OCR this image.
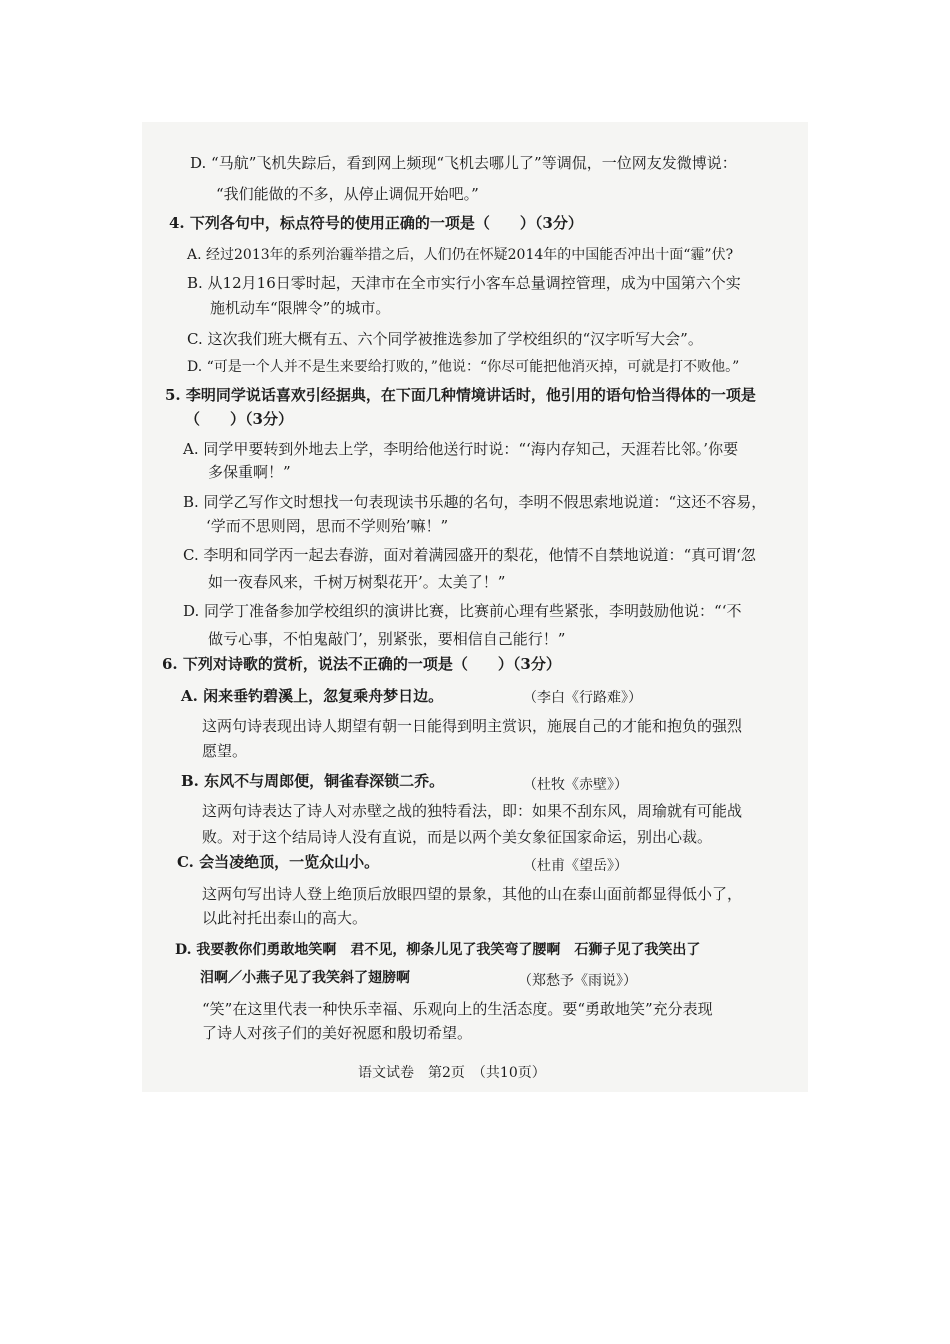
D. “马航”飞机失踪后，看到网上频现“飞机去哪儿了”等调侃，一位网友发微博说：
“我们能做的不多，从停止调侃开始吧。”
4. 下列各句中，标点符号的使用正确的一项是（　　）（3分）
A. 经过2013年的系列治霾举措之后，人们仍在怀疑2014年的中国能否冲出十面“霾”伏?
B. 从12月16日零时起，天津市在全市实行小客车总量调控管理，成为中国第六个实
施机动车“限牌令”的城市。
C. 这次我们班大概有五、六个同学被推选参加了学校组织的“汉字听写大会”。
D. “可是一个人并不是生来要给打败的，”他说：“你尽可能把他消灭掉，可就是打不败他。”
5. 李明同学说话喜欢引经据典，在下面几种情境讲话时，他引用的语句恰当得体的一项是
（　　）（3分）
A. 同学甲要转到外地去上学，李明给他送行时说：“‘海内存知己，天涯若比邻。’你要
多保重啊！”
B. 同学乙写作文时想找一句表现读书乐趣的名句，李明不假思索地说道：“这还不容易，
‘学而不思则罔，思而不学则殆’嘛！”
C. 李明和同学丙一起去春游，面对着满园盛开的梨花，他情不自禁地说道：“真可谓‘忽
如一夜春风来，千树万树梨花开’。太美了！”
D. 同学丁准备参加学校组织的演讲比赛，比赛前心理有些紧张，李明鼓励他说：“‘不
做亏心事，不怕鬼敲门’，别紧张，要相信自己能行！”
6. 下列对诗歌的赏析，说法不正确的一项是（　　）（3分）
A. 闲来垂钓碧溪上，忽复乘舟梦日边。	（李白《行路难》）
这两句诗表现出诗人期望有朝一日能得到明主赏识，施展自己的才能和抱负的强烈
愿望。
B. 东风不与周郎便，铜雀春深锁二乔。	（杜牧《赤壁》）
这两句诗表达了诗人对赤壁之战的独特看法，即：如果不刮东风，周瑜就有可能战
败。对于这个结局诗人没有直说，而是以两个美女象征国家命运，别出心裁。
C. 会当凌绝顶，一览众山小。	（杜甫《望岳》）
这两句写出诗人登上绝顶后放眼四望的景象，其他的山在泰山面前都显得低小了，
以此衬托出泰山的高大。
D. 我要教你们勇敢地笑啊　君不见，柳条儿见了我笑弯了腰啊　石狮子见了我笑出了
泪啊／小燕子见了我笑斜了翅膀啊	（郑愁予《雨说》）
“笑”在这里代表一种快乐幸福、乐观向上的生活态度。要“勇敢地笑”充分表现
了诗人对孩子们的美好祝愿和殷切希望。
语文试卷　第2页　（共10页）
